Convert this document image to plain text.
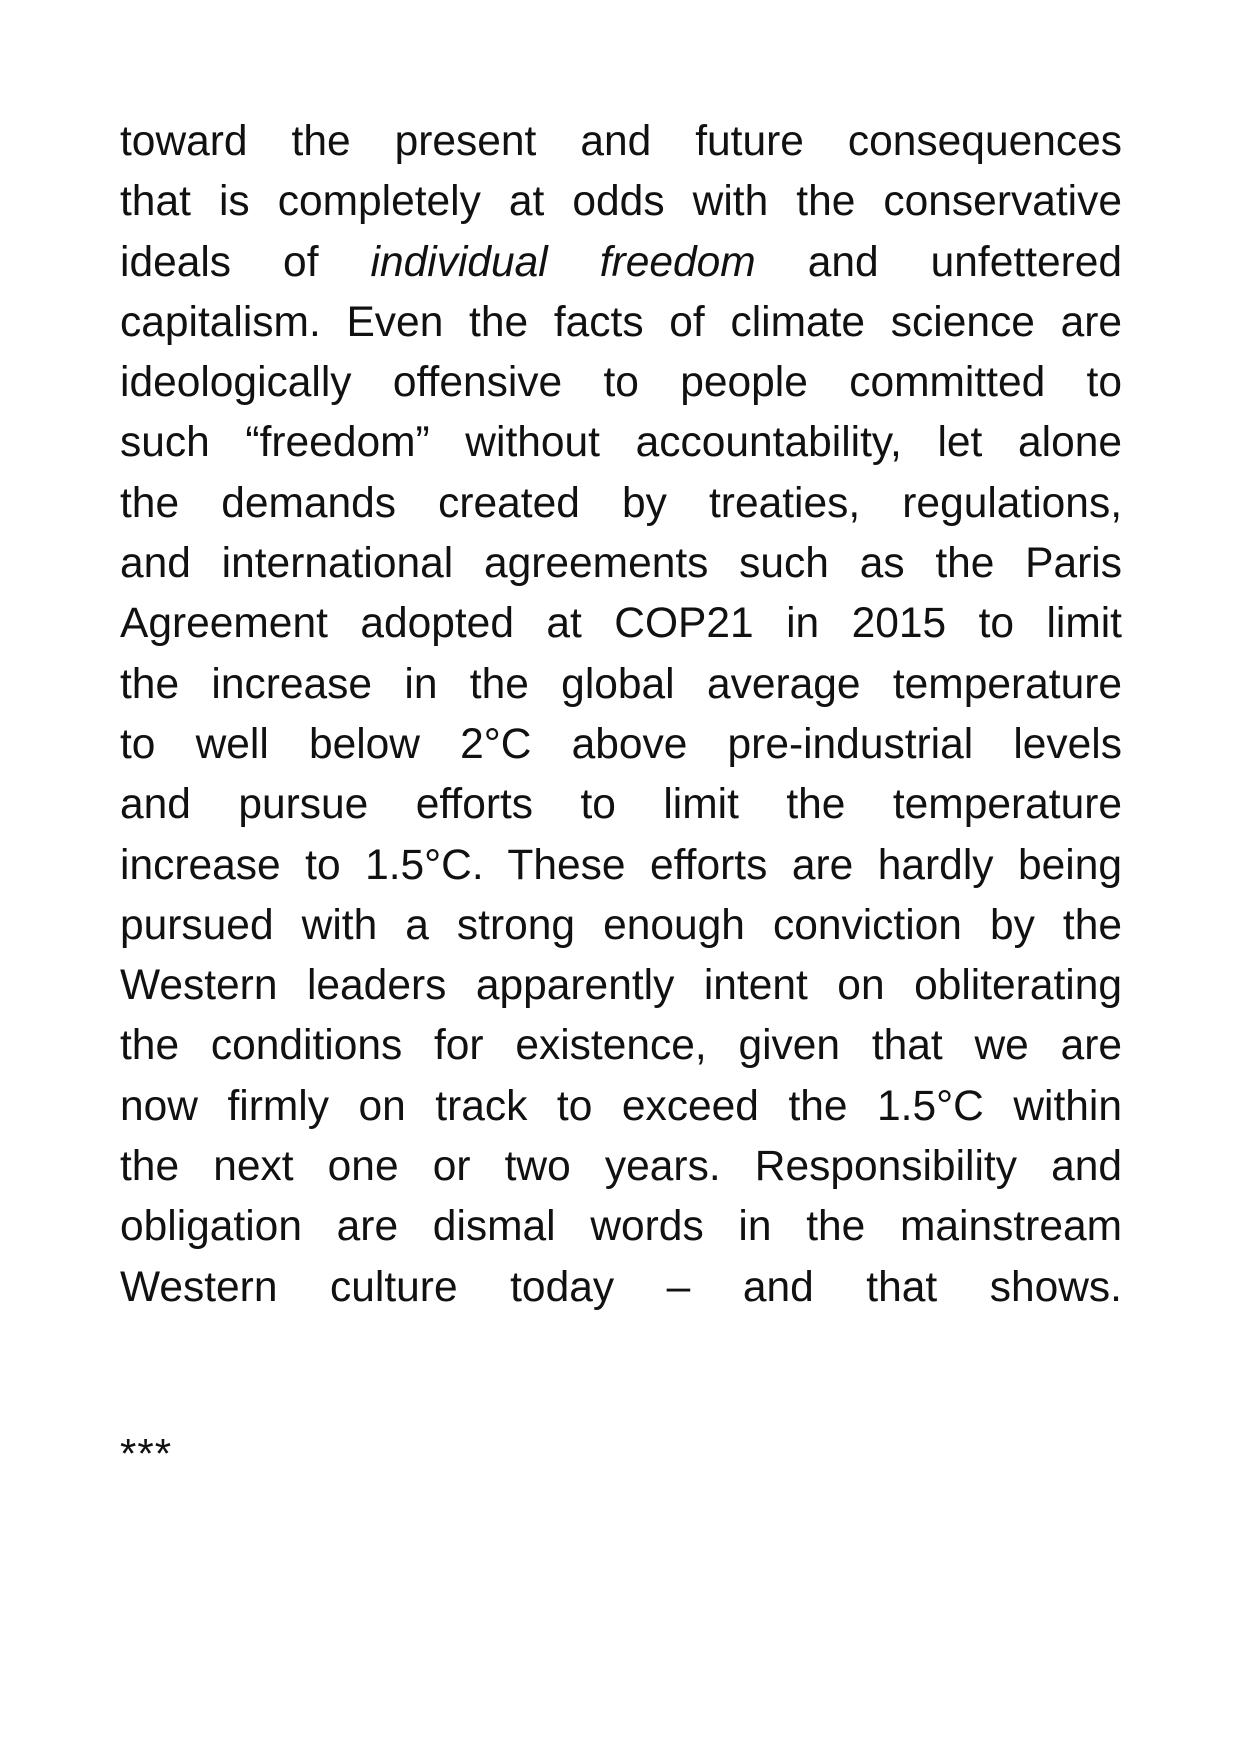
toward the present and future consequences
that is completely at odds with the conservative
ideals of individual freedom and unfettered
capitalism. Even the facts of climate science are
ideologically offensive to people committed to
such “freedom” without accountability, let alone
the demands created by treaties, regulations,
and international agreements such as the Paris
Agreement adopted at COP21 in 2015 to limit
the increase in the global average temperature
to well below 2°C above pre-industrial levels
and pursue efforts to limit the temperature
increase to 1.5°C. These efforts are hardly being
pursued with a strong enough conviction by the
Western leaders apparently intent on obliterating
the conditions for existence, given that we are
now firmly on track to exceed the 1.5°C within
the next one or two years. Responsibility and
obligation are dismal words in the mainstream
Western culture today – and that shows.
***
